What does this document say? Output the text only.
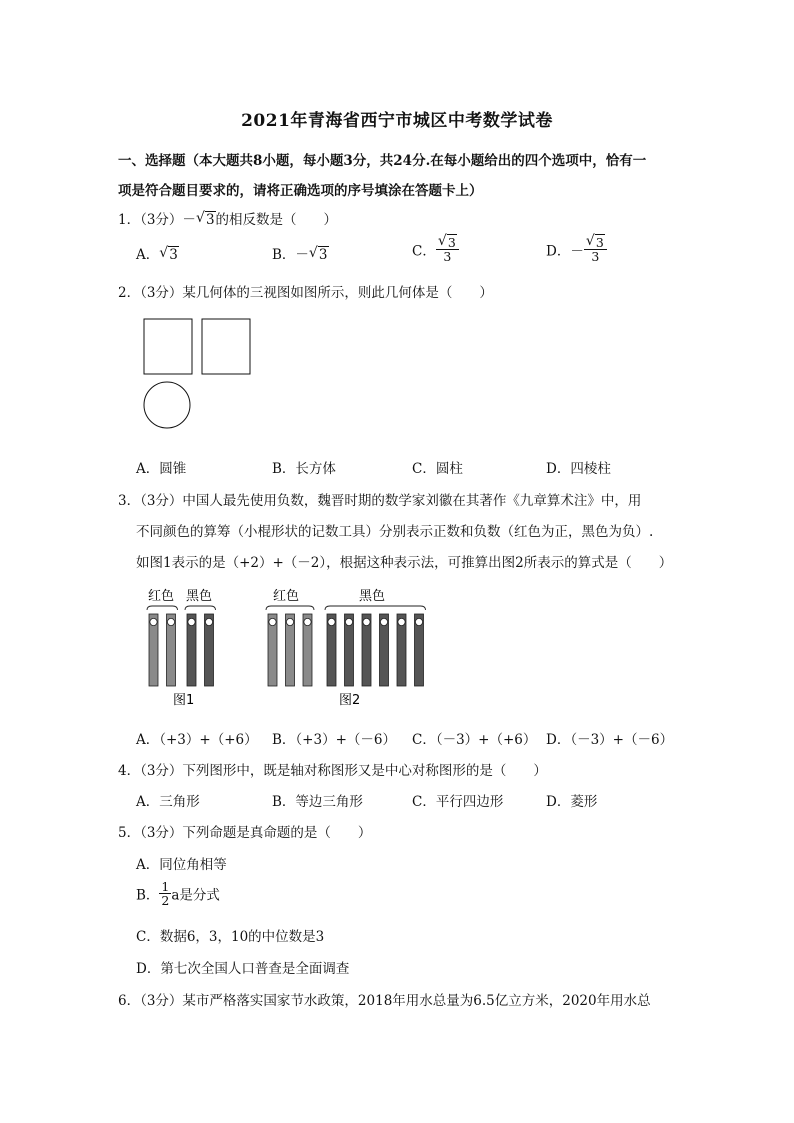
2021年青海省西宁市城区中考数学试卷
一、选择题（本大题共8小题，每小题3分，共24分.在每小题给出的四个选项中，恰有一
项是符合题目要求的，请将正确选项的序号填涂在答题卡上）
1．（3分）－ √ 3的相反数是（　　）
A． √ 3	B．－ √ 3	C． $\frac{√ 3}{3}$	D．－ $\frac{√ 3}{3}$
2．（3分）某几何体的三视图如图所示，则此几何体是（　　）
A．圆锥	B．长方体	C．圆柱	D．四棱柱
3．（3分）中国人最先使用负数，魏晋时期的数学家刘徽在其著作《九章算术注》中，用
不同颜色的算筹（小棍形状的记数工具）分别表示正数和负数（红色为正，黑色为负）.
如图1表示的是（+2）+（－2），根据这种表示法，可推算出图2所表示的算式是（　　）
红色 黑色
图1
红色	黑色
图2
A．（+3）+（+6） B．（+3）+（－6） C．（－3）+（+6） D．（－3）+（－6）
4．（3分）下列图形中，既是轴对称图形又是中心对称图形的是（　　）
A．三角形	B．等边三角形	C．平行四边形	D．菱形
5．（3分）下列命题是真命题的是（　　）
A．同位角相等
B． $\frac{1}{2}$ a是分式
C．数据6，3，10的中位数是3
D．第七次全国人口普查是全面调查
6．（3分）某市严格落实国家节水政策，2018年用水总量为6.5亿立方米，2020年用水总
